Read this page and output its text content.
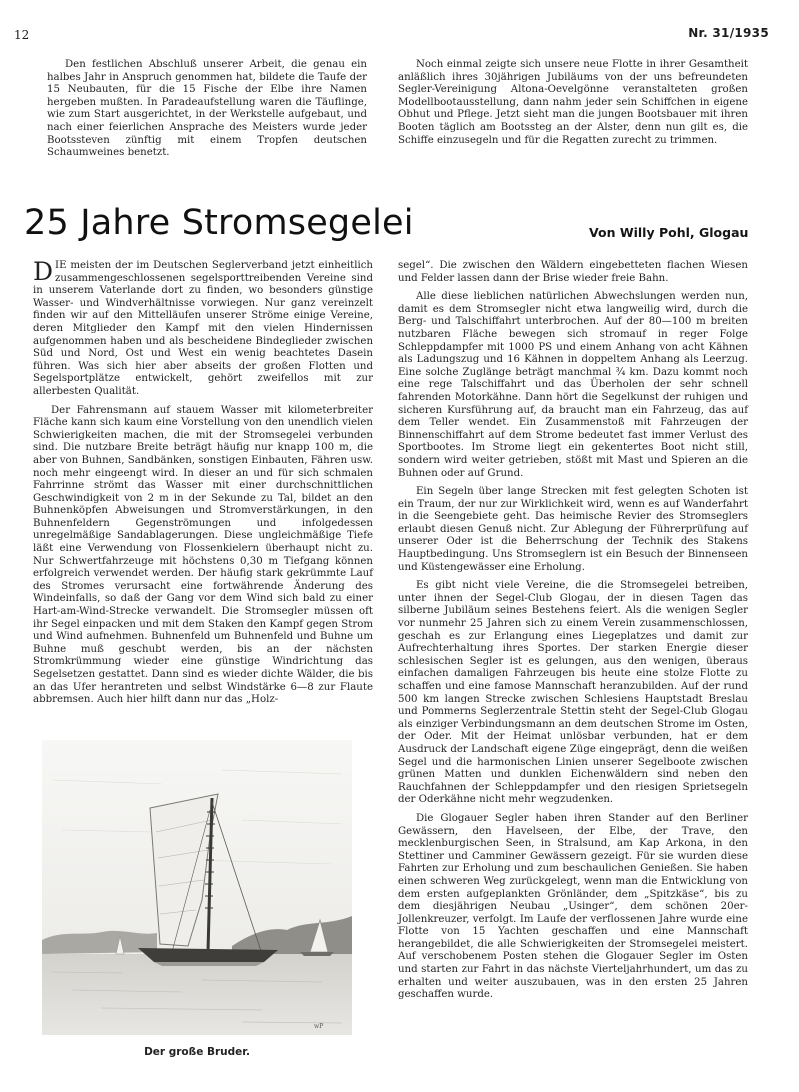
12	Nr. 31/1935

Den festlichen Abschluß unserer Arbeit, die genau ein halbes Jahr in Anspruch genommen hat, bildete die Taufe der 15 Neubauten, für die 15 Fische der Elbe ihre Namen hergeben mußten. In Paradeaufstellung waren die Täuflinge, wie zum Start ausgerichtet, in der Werkstelle aufgebaut, und nach einer feierlichen Ansprache des Meisters wurde jeder Bootssteven zünftig mit einem Tropfen deutschen Schaumweines benetzt.

Noch einmal zeigte sich unsere neue Flotte in ihrer Gesamtheit anläßlich ihres 30jährigen Jubiläums von der uns befreundeten Segler-Vereinigung Altona-Oevelgönne veranstalteten großen Modellbootausstellung, dann nahm jeder sein Schiffchen in eigene Obhut und Pflege. Jetzt sieht man die jungen Bootsbauer mit ihren Booten täglich am Bootssteg an der Alster, denn nun gilt es, die Schiffe einzusegeln und für die Regatten zurecht zu trimmen.

25 Jahre Stromsegelei	Von Willy Pohl, Glogau

DIE meisten der im Deutschen Seglerverband jetzt einheitlich zusammengeschlossenen segelsporttreibenden Vereine sind in unserem Vaterlande dort zu finden, wo besonders günstige Wasser- und Windverhältnisse vorwiegen. Nur ganz vereinzelt finden wir auf den Mittelläufen unserer Ströme einige Vereine, deren Mitglieder den Kampf mit den vielen Hindernissen aufgenommen haben und als bescheidene Bindeglieder zwischen Süd und Nord, Ost und West ein wenig beachtetes Dasein führen. Was sich hier aber abseits der großen Flotten und Segelsportplätze entwickelt, gehört zweifellos mit zur allerbesten Qualität.

Der Fahrensmann auf stauem Wasser mit kilometerbreiter Fläche kann sich kaum eine Vorstellung von den unendlich vielen Schwierigkeiten machen, die mit der Stromsegelei verbunden sind. Die nutzbare Breite beträgt häufig nur knapp 100 m, die aber von Buhnen, Sandbänken, sonstigen Einbauten, Fähren usw. noch mehr eingeengt wird. In dieser an und für sich schmalen Fahrrinne strömt das Wasser mit einer durchschnittlichen Geschwindigkeit von 2 m in der Sekunde zu Tal, bildet an den Buhnenköpfen Abweisungen und Stromverstärkungen, in den Buhnenfeldern Gegenströmungen und infolgedessen unregelmäßige Sandablagerungen. Diese ungleichmäßige Tiefe läßt eine Verwendung von Flossenkielern überhaupt nicht zu. Nur Schwertfahrzeuge mit höchstens 0,30 m Tiefgang können erfolgreich verwendet werden. Der häufig stark gekrümmte Lauf des Stromes verursacht eine fortwährende Änderung des Windeinfalls, so daß der Gang vor dem Wind sich bald zu einer Hart-am-Wind-Strecke verwandelt. Die Stromsegler müssen oft ihr Segel einpacken und mit dem Staken den Kampf gegen Strom und Wind aufnehmen. Buhnenfeld um Buhnenfeld und Buhne um Buhne muß geschubt werden, bis an der nächsten Stromkrümmung wieder eine günstige Windrichtung das Segelsetzen gestattet. Dann sind es wieder dichte Wälder, die bis an das Ufer herantreten und selbst Windstärke 6—8 zur Flaute abbremsen. Auch hier hilft dann nur das „Holz-

segel“. Die zwischen den Wäldern eingebetteten flachen Wiesen und Felder lassen dann der Brise wieder freie Bahn.

Alle diese lieblichen natürlichen Abwechslungen werden nun, damit es dem Stromsegler nicht etwa langweilig wird, durch die Berg- und Talschiffahrt unterbrochen. Auf der 80—100 m breiten nutzbaren Fläche bewegen sich stromauf in reger Folge Schleppdampfer mit 1000 PS und einem Anhang von acht Kähnen als Ladungszug und 16 Kähnen in doppeltem Anhang als Leerzug. Eine solche Zuglänge beträgt manchmal ¾ km. Dazu kommt noch eine rege Talschiffahrt und das Überholen der sehr schnell fahrenden Motorkähne. Dann hört die Segelkunst der ruhigen und sicheren Kursführung auf, da braucht man ein Fahrzeug, das auf dem Teller wendet. Ein Zusammenstoß mit Fahrzeugen der Binnenschiffahrt auf dem Strome bedeutet fast immer Verlust des Sportbootes. Im Strome liegt ein gekentertes Boot nicht still, sondern wird weiter getrieben, stößt mit Mast und Spieren an die Buhnen oder auf Grund.

Ein Segeln über lange Strecken mit fest gelegten Schoten ist ein Traum, der nur zur Wirklichkeit wird, wenn es auf Wanderfahrt in die Seengebiete geht. Das heimische Revier des Stromseglers erlaubt diesen Genuß nicht. Zur Ablegung der Führerprüfung auf unserer Oder ist die Beherrschung der Technik des Stakens Hauptbedingung. Uns Stromseglern ist ein Besuch der Binnenseen und Küstengewässer eine Erholung.

Es gibt nicht viele Vereine, die die Stromsegelei betreiben, unter ihnen der Segel-Club Glogau, der in diesen Tagen das silberne Jubiläum seines Bestehens feiert. Als die wenigen Segler vor nunmehr 25 Jahren sich zu einem Verein zusammenschlossen, geschah es zur Erlangung eines Liegeplatzes und damit zur Aufrechterhaltung ihres Sportes. Der starken Energie dieser schlesischen Segler ist es gelungen, aus den wenigen, überaus einfachen damaligen Fahrzeugen bis heute eine stolze Flotte zu schaffen und eine famose Mannschaft heranzubilden. Auf der rund 500 km langen Strecke zwischen Schlesiens Hauptstadt Breslau und Pommerns Seglerzentrale Stettin steht der Segel-Club Glogau als einziger Verbindungsmann an dem deutschen Strome im Osten, der Oder. Mit der Heimat unlösbar verbunden, hat er dem Ausdruck der Landschaft eigene Züge eingeprägt, denn die weißen Segel und die harmonischen Linien unserer Segelboote zwischen grünen Matten und dunklen Eichenwäldern sind neben den Rauchfahnen der Schleppdampfer und den riesigen Sprietsegeln der Oderkähne nicht mehr wegzudenken.

Die Glogauer Segler haben ihren Stander auf den Berliner Gewässern, den Havelseen, der Elbe, der Trave, den mecklenburgischen Seen, in Stralsund, am Kap Arkona, in den Stettiner und Camminer Gewässern gezeigt. Für sie wurden diese Fahrten zur Erholung und zum beschaulichen Genießen. Sie haben einen schweren Weg zurückgelegt, wenn man die Entwicklung von dem ersten aufgeplankten Grönländer, dem „Spitzkäse“, bis zu dem diesjährigen Neubau „Usinger“, dem schönen 20er-Jollenkreuzer, verfolgt. Im Laufe der verflossenen Jahre wurde eine Flotte von 15 Yachten geschaffen und eine Mannschaft herangebildet, die alle Schwierigkeiten der Stromsegelei meistert. Auf verschobenem Posten stehen die Glogauer Segler im Osten und starten zur Fahrt in das nächste Vierteljahrhundert, um das zu erhalten und weiter auszubauen, was in den ersten 25 Jahren geschaffen wurde.

wP
Der große Bruder.
